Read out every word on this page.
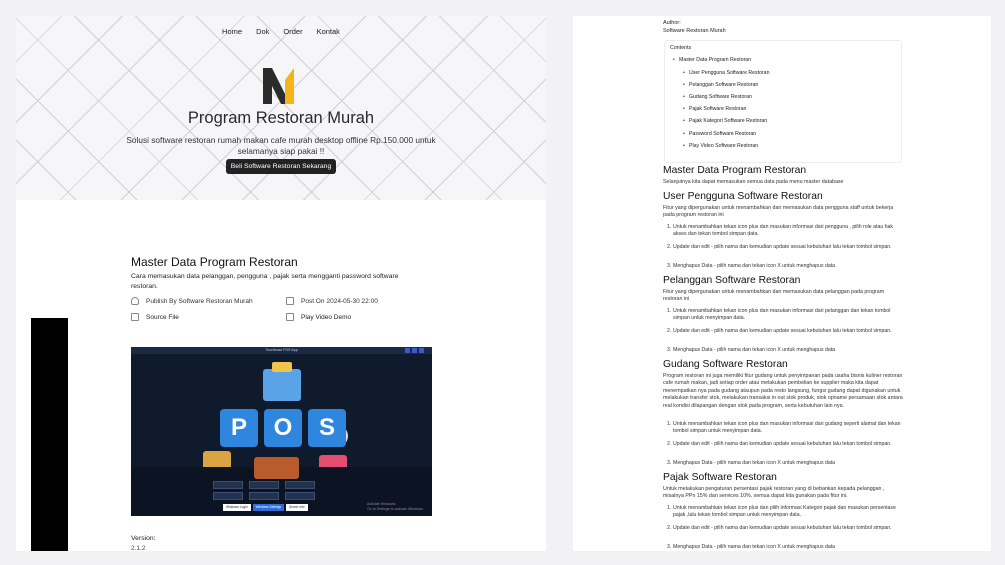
Home Dok Order Kontak
Program Restoran Murah
Solusi software restoran rumah makan cafe murah desktop offline Rp.150.000 untuk selamanya siap pakai !!
Beli Software Restoran Sekarang
Master Data Program Restoran
Cara memasukan data pelanggan, pengguna , pajak serta mengganti password software restoran.
Publish By Software Restoran Murah	Post On 2024-05-30 22:00
Source File	Play Video Demo
Touchbase POS App
P	O	S
Windows Login	Windows Settings	Server Info
Activate Windows
Go to Settings to activate Windows.
Version:
2.1.2
Author:
Software Restoran Murah
Contents
• Master Data Program Restoran
• User Pengguna Software Restoran
• Pelanggan Software Restoran
• Gudang Software Restoran
• Pajak Software Restoran
• Pajak Kategori Software Restoran
• Password Software Restoran
• Play Video Software Restoran
Master Data Program Restoran
Selanjutnya kita dapat memasukan semua data pada menu master database
User Pengguna Software Restoran
Fitur yang dipergunakan untuk menambahkan dan memasukan data pengguna staff untuk bekerja pada program restoran ini
1. Untuk menambahkan tekan icon plus dan masukan informasi dari pengguna , pilih role atau hak akses dan tekan tombol simpan data.
2. Update dan edit - pilih nama dan kemudian update sesuai kebutuhan lalu tekan tombol simpan.
3. Menghapus Data - pilih nama dan tekan icon X untuk menghapus data
Pelanggan Software Restoran
Fitur yang dipergunakan untuk menambahkan dan memasukan data pelanggan pada program restoran ini
1. Untuk menambahkan tekan icon plus dan masukan informasi dari pelanggan dan tekan tombol simpan untuk menyimpan data.
2. Update dan edit - pilih nama dan kemudian update sesuai kebutuhan lalu tekan tombol simpan.
3. Menghapus Data - pilih nama dan tekan icon X untuk menghapus data
Gudang Software Restoran
Program restoran ini juga memiliki fitur gudang untuk penyimpanan pada usaha bisnis kuliner restoran cafe rumah makan, jadi setiap order atau melakukan pembelian ke supplier maka kita dapat menempatkan nya pada gudang ataupun pada resto langsung, fungsi gudang dapat digunakan untuk melakukan transfer stok, melakukan transaksi in out stok produk, stok opname persamaan stok antara real kondisi dilapangan dengan stok pada program, serta kebutuhan lain nya.
1. Untuk menambahkan tekan icon plus dan masukan informasi dari gudang seperti alamat dan tekan tombol simpan untuk menyimpan data.
2. Update dan edit - pilih nama dan kemudian update sesuai kebutuhan lalu tekan tombol simpan.
3. Menghapus Data - pilih nama dan tekan icon X untuk menghapus data
Pajak Software Restoran
Untuk melakukan pengaturan persentasi pajak restoran yang di bebankan kepada pelanggan , misalnya PPn 15% dan services 10%, semua dapat kita gunakan pada fitur ini.
1. Untuk menambahkan tekan icon plus dan pilih informasi Kategori pajak dan masukan persentase pajak ,lalu tekan tombol simpan untuk menyimpan data.
2. Update dan edit - pilih nama dan kemudian update sesuai kebutuhan lalu tekan tombol simpan.
3. Menghapus Data - pilih nama dan tekan icon X untuk menghapus data
